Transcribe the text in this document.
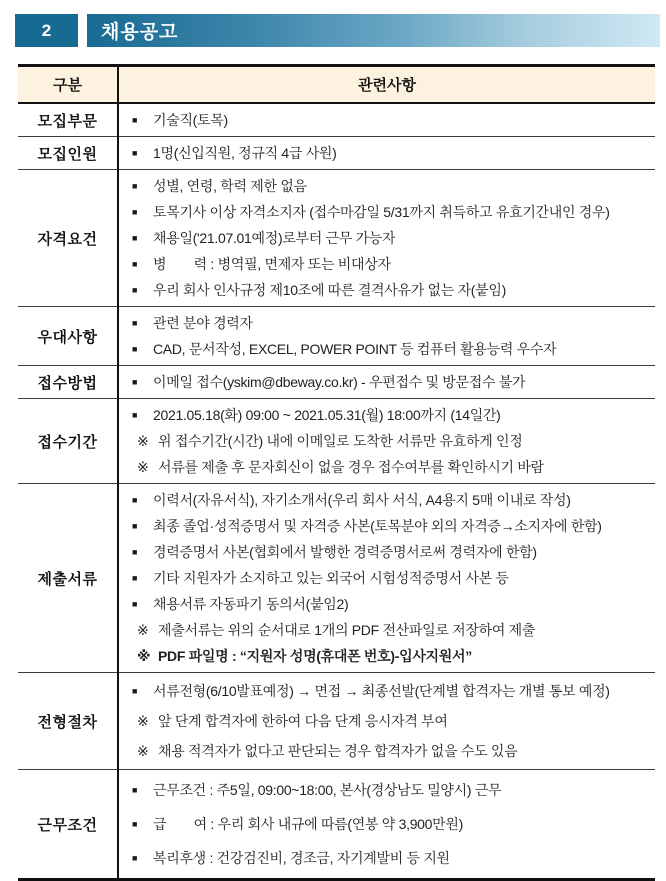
2	채용공고
구분	관련사항
모집부문	■ 기술직(토목)

모집인원	■ 1명(신입직원, 정규직 4급 사원)

자격요건	
■	성별, 연령, 학력 제한 없음
■	토목기사 이상 자격소지자 (접수마감일 5/31까지 취득하고 유효기간내인 경우)
■	채용일('21.07.01예정)로부터 근무 가능자
■	병　　력 : 병역필, 면제자 또는 비대상자
■	우리 회사 인사규정 제10조에 따른 결격사유가 없는 자(붙임)

우대사항	■ 관련 분야 경력자
■ CAD, 문서작성, EXCEL, POWER POINT 등 컴퓨터 활용능력 우수자

접수방법	■ 이메일 접수(yskim@dbeway.co.kr) - 우편접수 및 방문접수 불가

접수기간	
■	2021.05.18(화) 09:00 ~ 2021.05.31(월) 18:00까지 (14일간)
※ 위 접수기간(시간) 내에 이메일로 도착한 서류만 유효하게 인정
※ 서류를 제출 후 문자회신이 없을 경우 접수여부를 확인하시기 바람

제출서류	
■	이력서(자유서식), 자기소개서(우리 회사 서식, A4용지 5매 이내로 작성)
■	최종 졸업·성적증명서 및 자격증 사본(토목분야 외의 자격증→소지자에 한함)
■	경력증명서 사본(협회에서 발행한 경력증명서로써 경력자에 한함)
■	기타 지원자가 소지하고 있는 외국어 시험성적증명서 사본 등
■	채용서류 자동파기 동의서(붙임2)
※ 제출서류는 위의 순서대로 1개의 PDF 전산파일로 저장하여 제출
※ PDF 파일명 : “지원자 성명(휴대폰 번호)-입사지원서”

전형절차	
■	서류전형(6/10발표예정) → 면접 → 최종선발(단계별 합격자는 개별 통보 예정)
※ 앞 단계 합격자에 한하여 다음 단계 응시자격 부여
※ 채용 적격자가 없다고 판단되는 경우 합격자가 없을 수도 있음

근무조건	
■	근무조건 : 주5일, 09:00~18:00, 본사(경상남도 밀양시) 근무
■	급　　여 : 우리 회사 내규에 따름(연봉 약 3,900만원)
■	복리후생 : 건강검진비, 경조금, 자기계발비 등 지원
